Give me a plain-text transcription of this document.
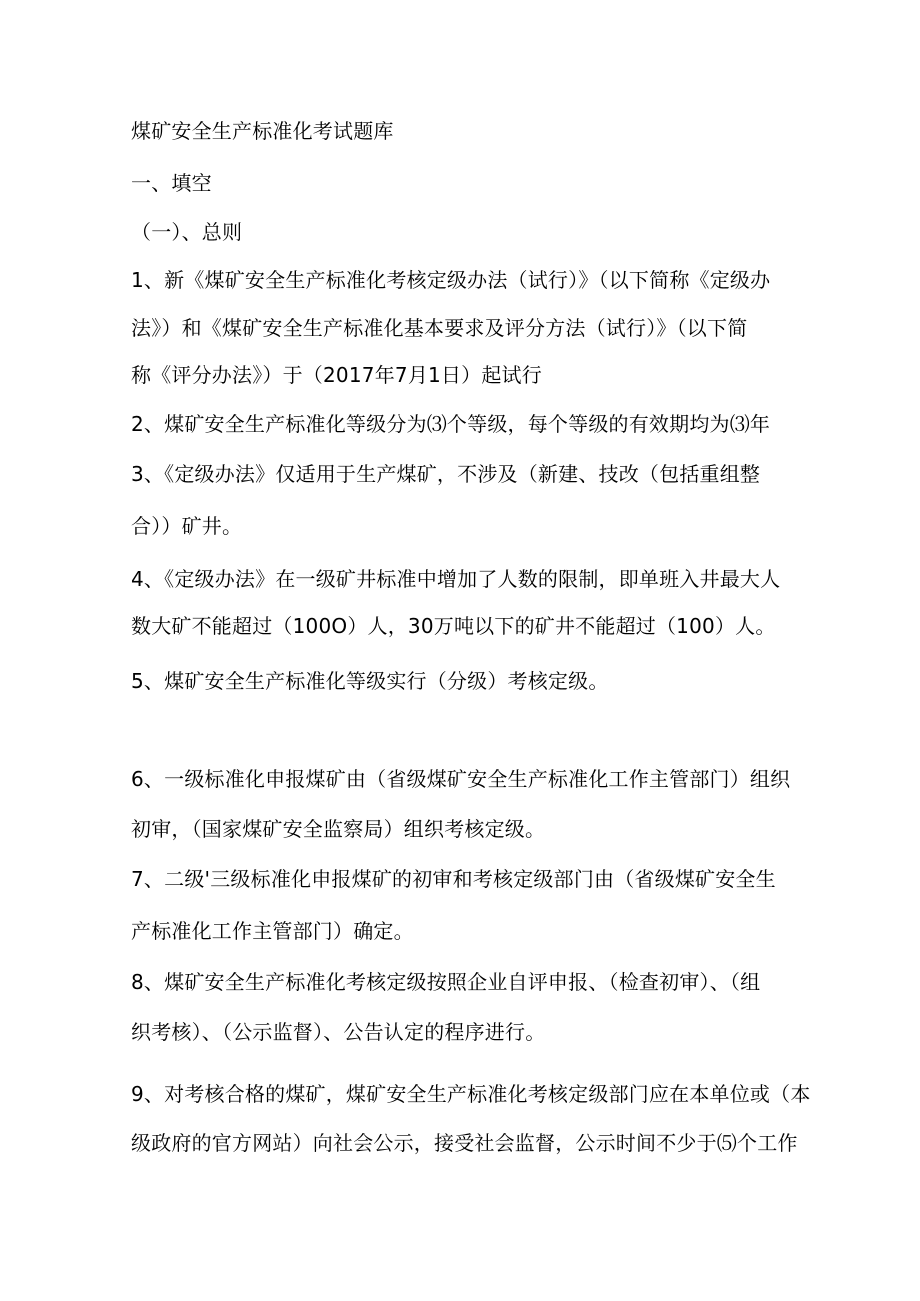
煤矿安全生产标准化考试题库
一、填空
（一）、总则
1、新《煤矿安全生产标准化考核定级办法（试行）》（以下简称《定级办
法》）和《煤矿安全生产标准化基本要求及评分方法（试行）》（以下简
称《评分办法》）于（2017年7月1日）起试行
2、煤矿安全生产标准化等级分为⑶个等级，每个等级的有效期均为⑶年
3、《定级办法》仅适用于生产煤矿，不涉及（新建、技改（包括重组整
合））矿井。
4、《定级办法》在一级矿井标准中增加了人数的限制，即单班入井最大人
数大矿不能超过（100O）人，30万吨以下的矿井不能超过（100）人。
5、煤矿安全生产标准化等级实行（分级）考核定级。
6、一级标准化申报煤矿由（省级煤矿安全生产标准化工作主管部门）组织
初审，（国家煤矿安全监察局）组织考核定级。
7、二级'三级标准化申报煤矿的初审和考核定级部门由（省级煤矿安全生
产标准化工作主管部门）确定。
8、煤矿安全生产标准化考核定级按照企业自评申报、（检查初审）、（组
织考核）、（公示监督）、公告认定的程序进行。
9、对考核合格的煤矿，煤矿安全生产标准化考核定级部门应在本单位或（本
级政府的官方网站）向社会公示，接受社会监督，公示时间不少于⑸个工作
